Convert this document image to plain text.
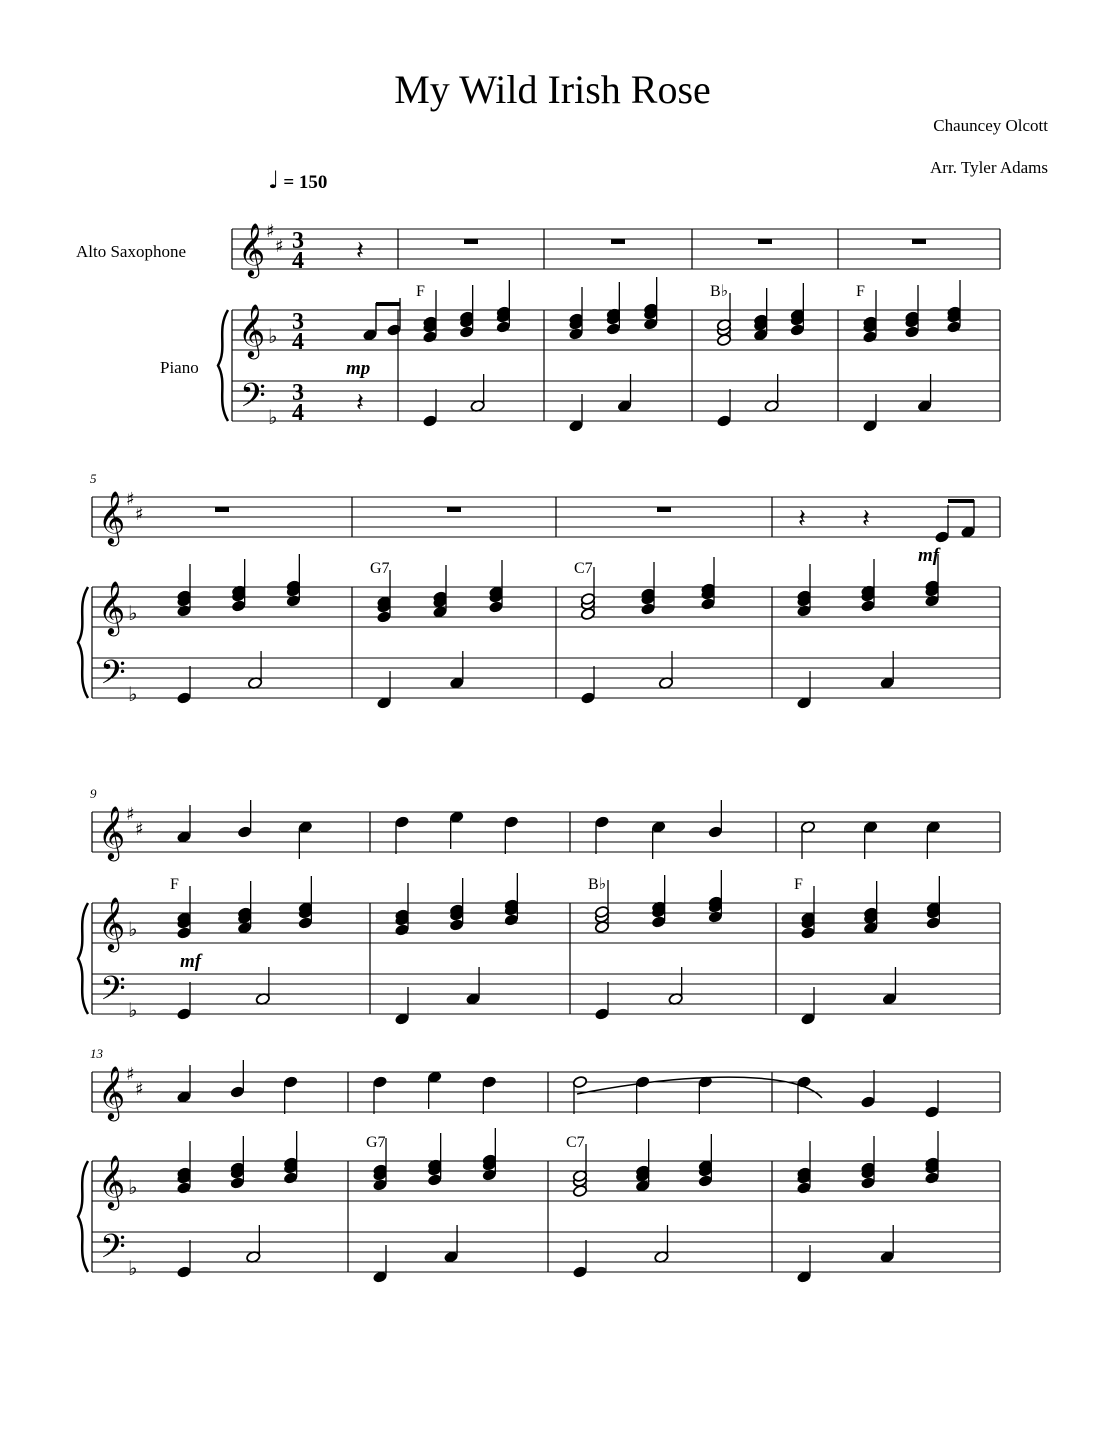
My Wild Irish Rose
Chauncey Olcott
Arr. Tyler Adams
♩ = 150
Alto Saxophone
Piano
𝄞
𝄞
𝄢
♯
♯
♭
♭
3
4
3
4
3
4
mp
𝄽
𝄽
F	B♭	F
𝄞
𝄞
𝄢
♯
♯
♭
♭
5
G7	C7
mf
𝄽 𝄽
𝄞
𝄞
𝄢
♯
♯
♭
♭
9
F
mf
B♭	F
𝄞
𝄞
𝄢
♯
♯
♭
♭
13
G7	C7
